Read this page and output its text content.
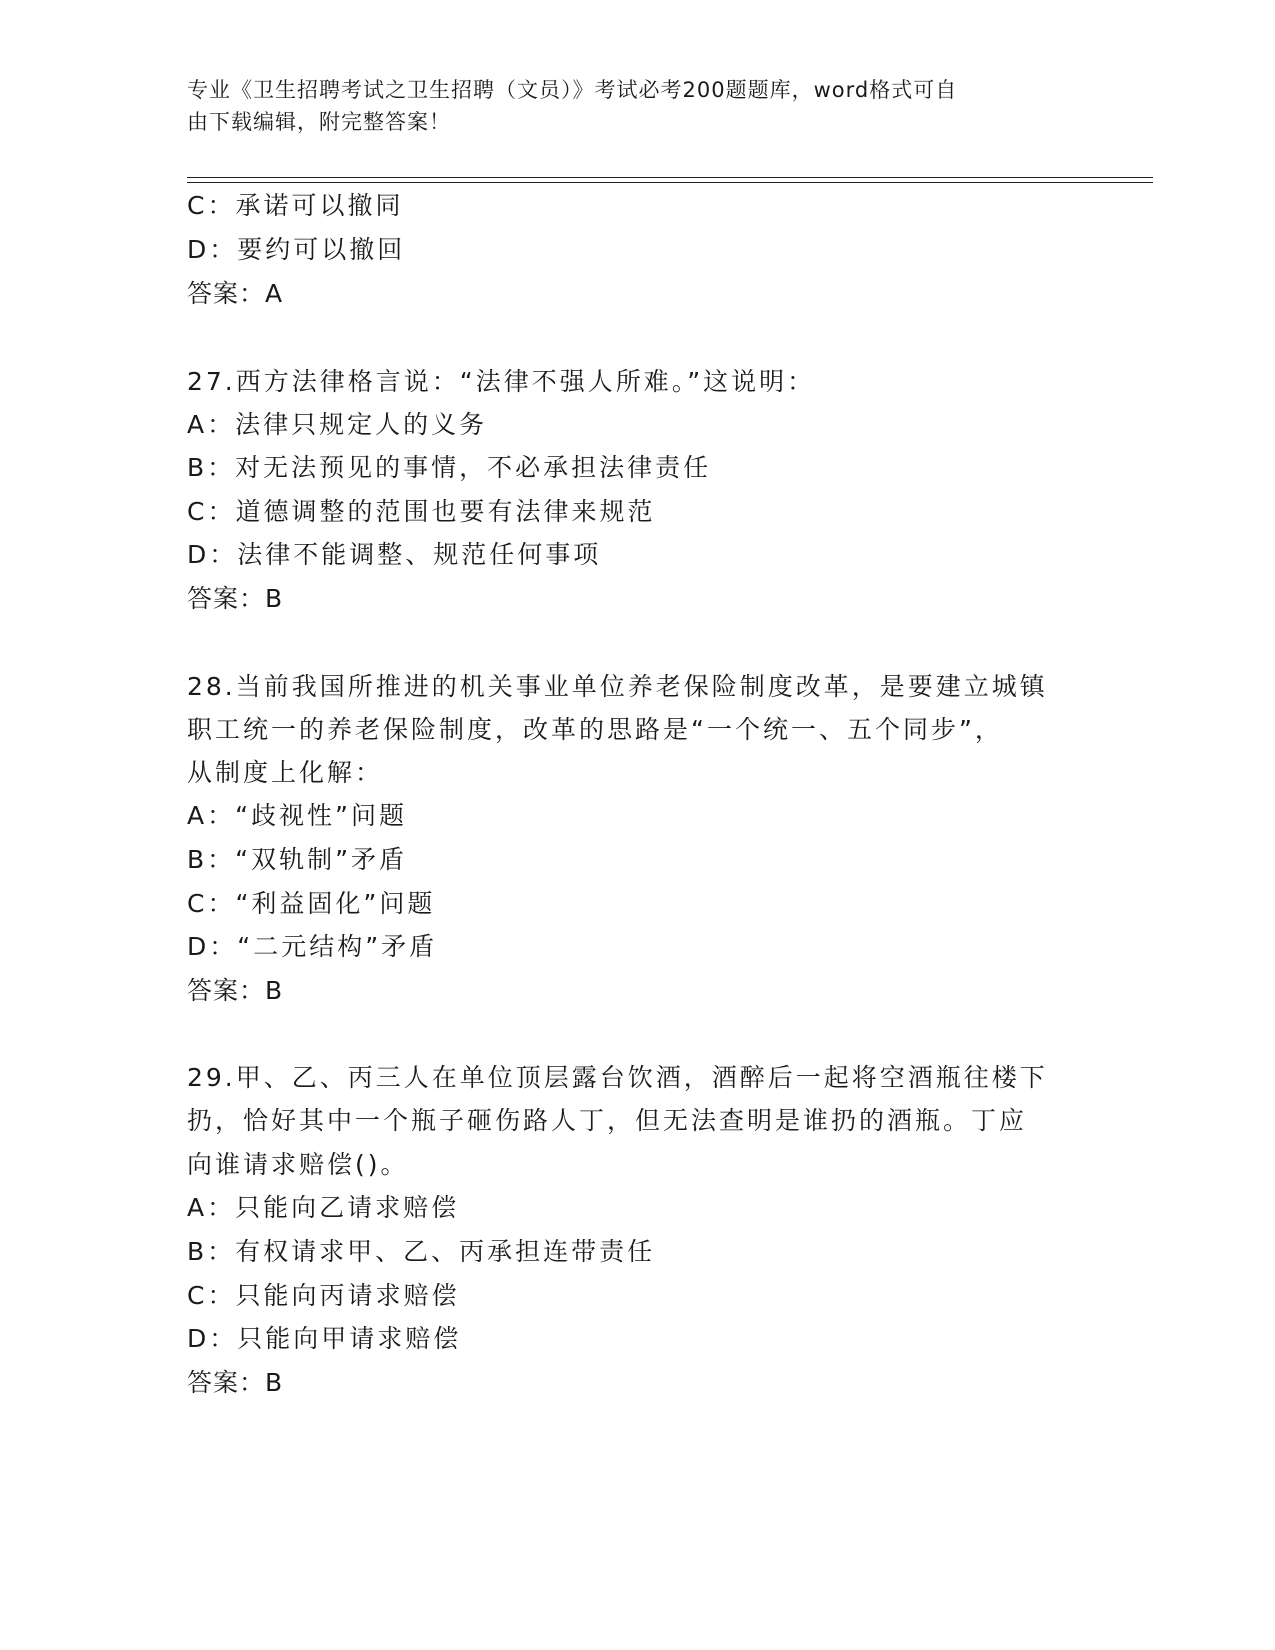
专业《卫生招聘考试之卫生招聘（文员）》考试必考200题题库，word格式可自
由下载编辑，附完整答案！
C：承诺可以撤同
D：要约可以撤回
答案：A
27.西方法律格言说：“法律不强人所难。”这说明：
A：法律只规定人的义务
B：对无法预见的事情，不必承担法律责任
C：道德调整的范围也要有法律来规范
D：法律不能调整、规范任何事项
答案：B
28.当前我国所推进的机关事业单位养老保险制度改革，是要建立城镇
职工统一的养老保险制度，改革的思路是“一个统一、五个同步”，
从制度上化解：
A：“歧视性”问题
B：“双轨制”矛盾
C：“利益固化”问题
D：“二元结构”矛盾
答案：B
29.甲、乙、丙三人在单位顶层露台饮酒，酒醉后一起将空酒瓶往楼下
扔，恰好其中一个瓶子砸伤路人丁，但无法查明是谁扔的酒瓶。丁应
向谁请求赔偿()。
A：只能向乙请求赔偿
B：有权请求甲、乙、丙承担连带责任
C：只能向丙请求赔偿
D：只能向甲请求赔偿
答案：B
